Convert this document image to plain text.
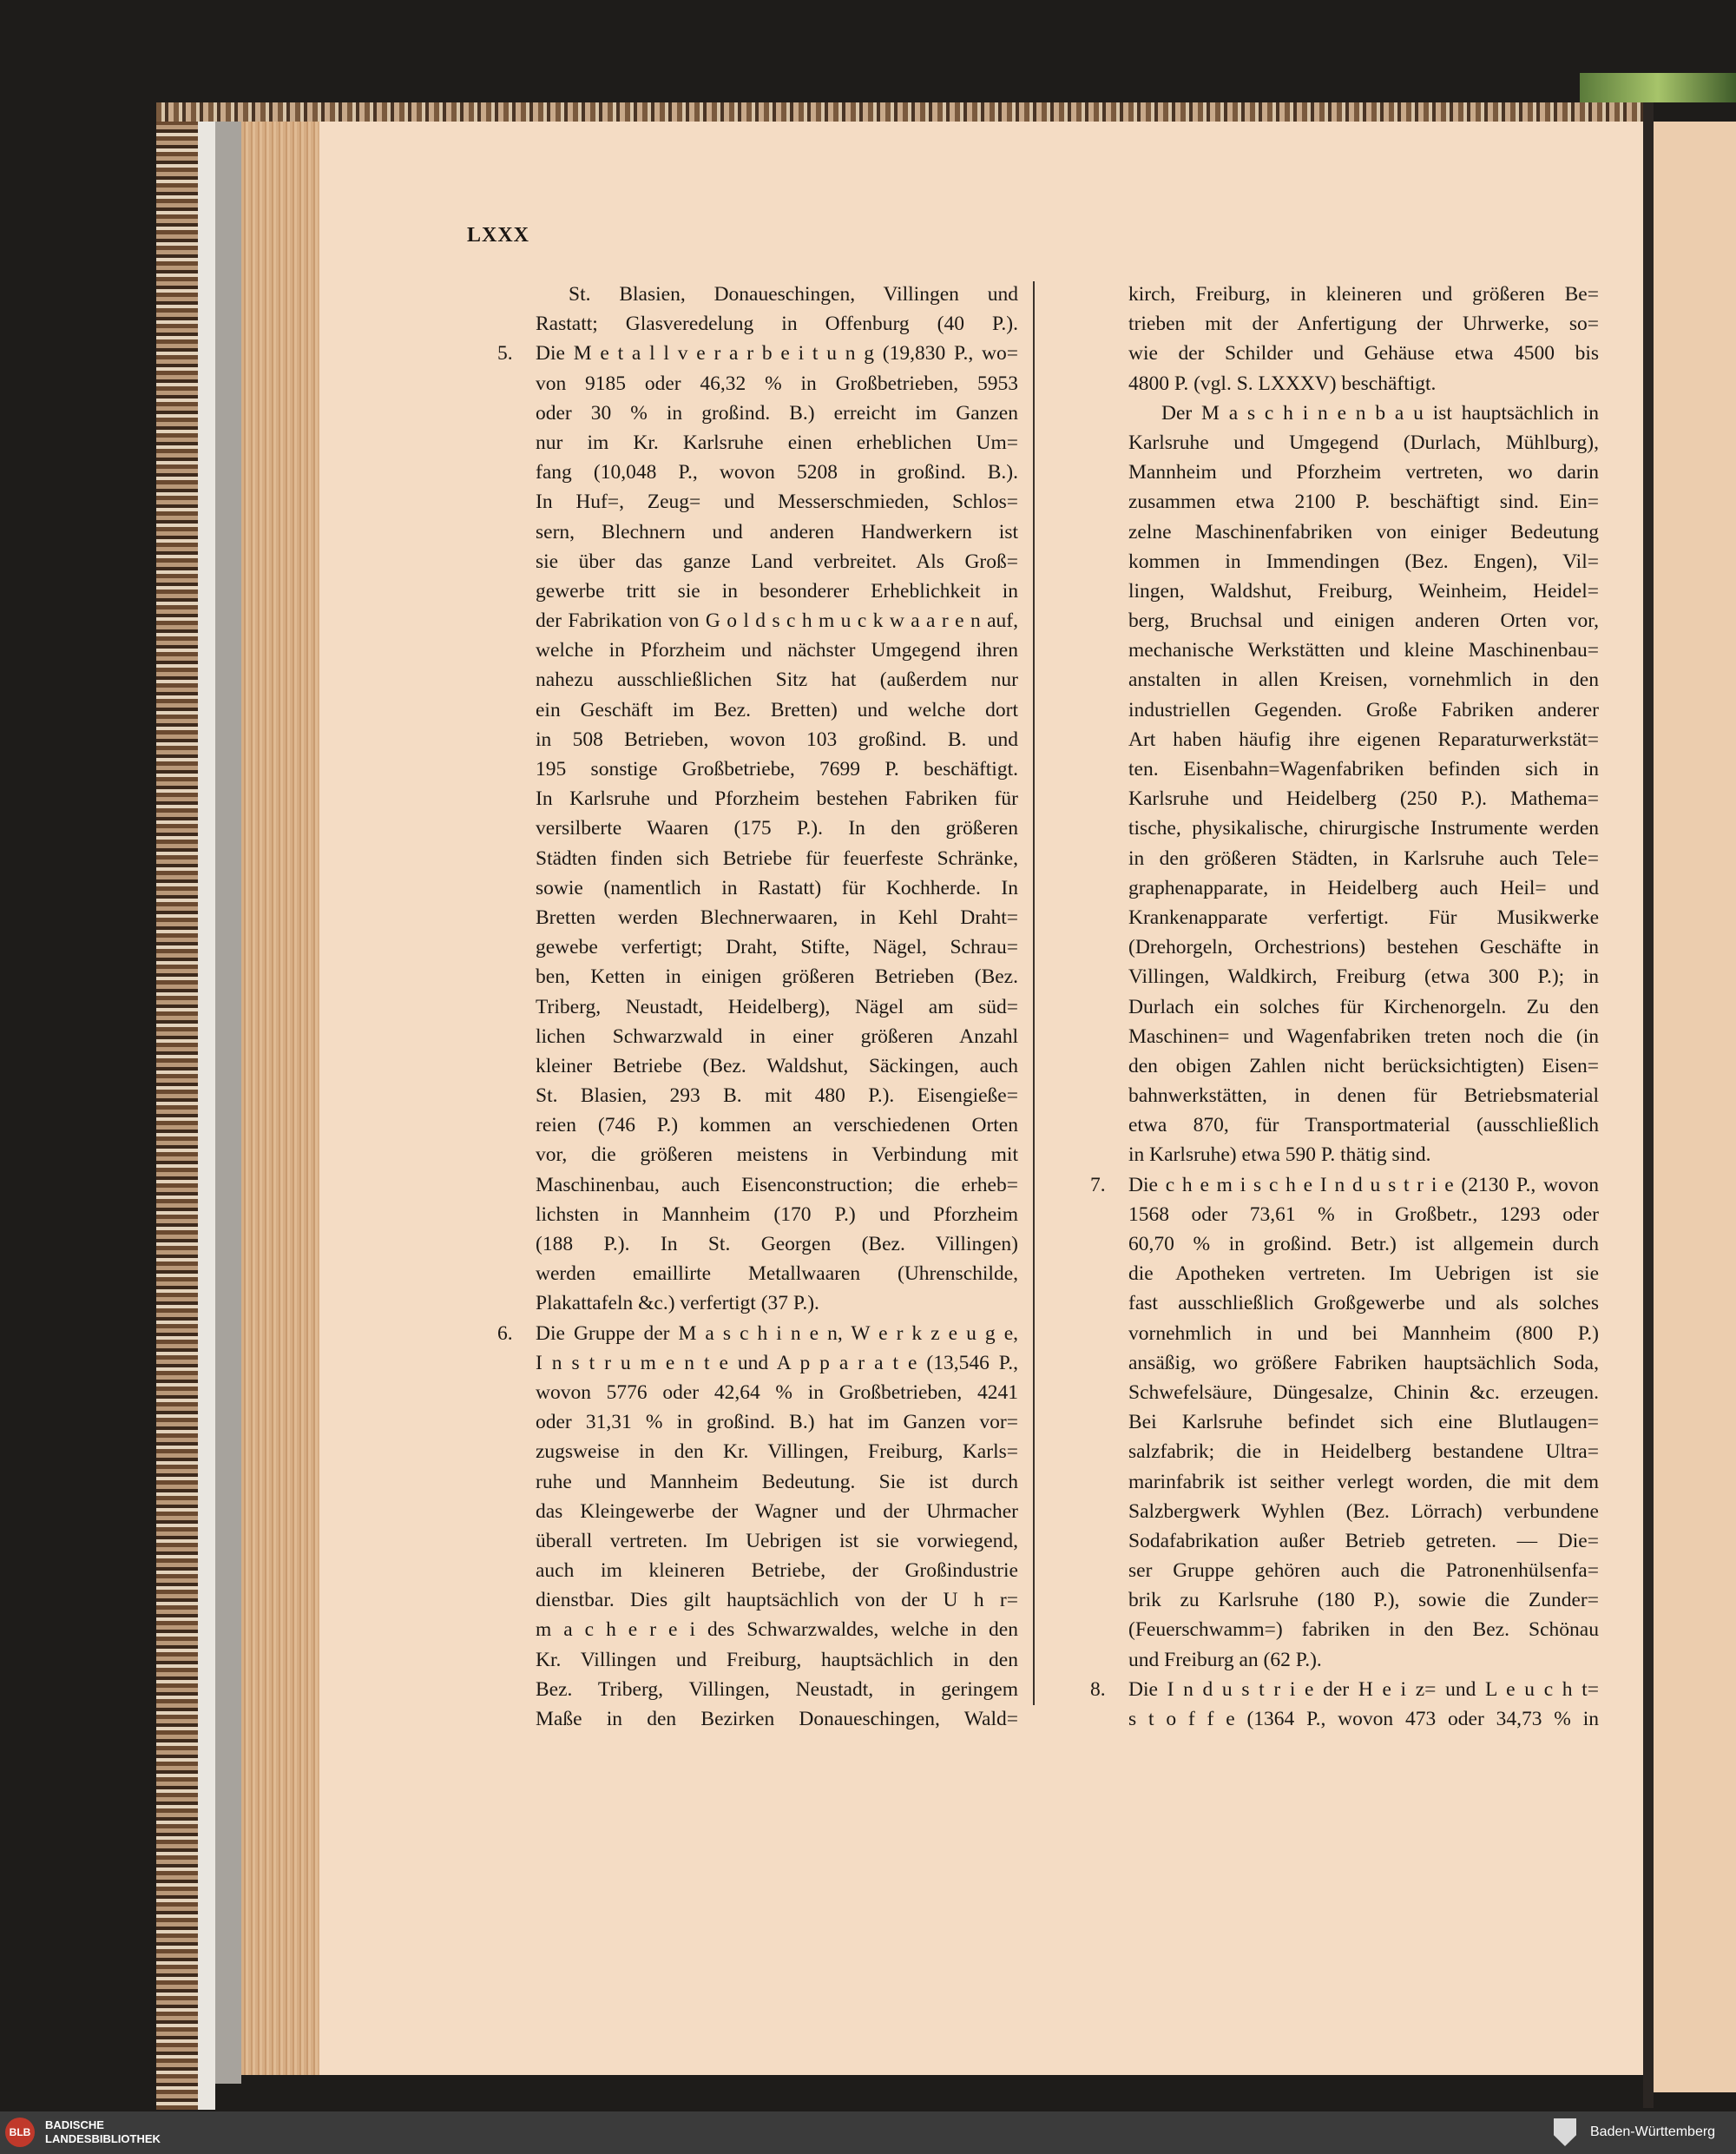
LXXX
St. Blasien, Donaueschingen, Villingen und
Rastatt; Glasveredelung in Offenburg (40 P.).
5. Die M e t a l l v e r a r b e i t u n g (19,830 P., wo=
von 9185 oder 46,32 % in Großbetrieben, 5953
oder 30 % in großind. B.) erreicht im Ganzen
nur im Kr. Karlsruhe einen erheblichen Um=
fang (10,048 P., wovon 5208 in großind. B.).
In Huf=, Zeug= und Messerschmieden, Schlos=
sern, Blechnern und anderen Handwerkern ist
sie über das ganze Land verbreitet. Als Groß=
gewerbe tritt sie in besonderer Erheblichkeit in
der Fabrikation von G o l d s c h m u c k w a a r e n auf,
welche in Pforzheim und nächster Umgegend ihren
nahezu ausschließlichen Sitz hat (außerdem nur
ein Geschäft im Bez. Bretten) und welche dort
in 508 Betrieben, wovon 103 großind. B. und
195 sonstige Großbetriebe, 7699 P. beschäftigt.
In Karlsruhe und Pforzheim bestehen Fabriken für
versilberte Waaren (175 P.). In den größeren
Städten finden sich Betriebe für feuerfeste Schränke,
sowie (namentlich in Rastatt) für Kochherde. In
Bretten werden Blechnerwaaren, in Kehl Draht=
gewebe verfertigt; Draht, Stifte, Nägel, Schrau=
ben, Ketten in einigen größeren Betrieben (Bez.
Triberg, Neustadt, Heidelberg), Nägel am süd=
lichen Schwarzwald in einer größeren Anzahl
kleiner Betriebe (Bez. Waldshut, Säckingen, auch
St. Blasien, 293 B. mit 480 P.). Eisengieße=
reien (746 P.) kommen an verschiedenen Orten
vor, die größeren meistens in Verbindung mit
Maschinenbau, auch Eisenconstruction; die erheb=
lichsten in Mannheim (170 P.) und Pforzheim
(188 P.). In St. Georgen (Bez. Villingen)
werden emaillirte Metallwaaren (Uhrenschilde,
Plakattafeln &c.) verfertigt (37 P.).
6. Die Gruppe der M a s c h i n e n, W e r k z e u g e,
I n s t r u m e n t e und A p p a r a t e (13,546 P.,
wovon 5776 oder 42,64 % in Großbetrieben, 4241
oder 31,31 % in großind. B.) hat im Ganzen vor=
zugsweise in den Kr. Villingen, Freiburg, Karls=
ruhe und Mannheim Bedeutung. Sie ist durch
das Kleingewerbe der Wagner und der Uhrmacher
überall vertreten. Im Uebrigen ist sie vorwiegend,
auch im kleineren Betriebe, der Großindustrie
dienstbar. Dies gilt hauptsächlich von der U h r=
m a c h e r e i des Schwarzwaldes, welche in den
Kr. Villingen und Freiburg, hauptsächlich in den
Bez. Triberg, Villingen, Neustadt, in geringem
Maße in den Bezirken Donaueschingen, Wald=
kirch, Freiburg, in kleineren und größeren Be=
trieben mit der Anfertigung der Uhrwerke, so=
wie der Schilder und Gehäuse etwa 4500 bis
4800 P. (vgl. S. LXXXV) beschäftigt.
Der M a s c h i n e n b a u ist hauptsächlich in
Karlsruhe und Umgegend (Durlach, Mühlburg),
Mannheim und Pforzheim vertreten, wo darin
zusammen etwa 2100 P. beschäftigt sind. Ein=
zelne Maschinenfabriken von einiger Bedeutung
kommen in Immendingen (Bez. Engen), Vil=
lingen, Waldshut, Freiburg, Weinheim, Heidel=
berg, Bruchsal und einigen anderen Orten vor,
mechanische Werkstätten und kleine Maschinenbau=
anstalten in allen Kreisen, vornehmlich in den
industriellen Gegenden. Große Fabriken anderer
Art haben häufig ihre eigenen Reparaturwerkstät=
ten. Eisenbahn=Wagenfabriken befinden sich in
Karlsruhe und Heidelberg (250 P.). Mathema=
tische, physikalische, chirurgische Instrumente werden
in den größeren Städten, in Karlsruhe auch Tele=
graphenapparate, in Heidelberg auch Heil= und
Krankenapparate verfertigt. Für Musikwerke
(Drehorgeln, Orchestrions) bestehen Geschäfte in
Villingen, Waldkirch, Freiburg (etwa 300 P.); in
Durlach ein solches für Kirchenorgeln. Zu den
Maschinen= und Wagenfabriken treten noch die (in
den obigen Zahlen nicht berücksichtigten) Eisen=
bahnwerkstätten, in denen für Betriebsmaterial
etwa 870, für Transportmaterial (ausschließlich
in Karlsruhe) etwa 590 P. thätig sind.
7. Die c h e m i s c h e I n d u s t r i e (2130 P., wovon
1568 oder 73,61 % in Großbetr., 1293 oder
60,70 % in großind. Betr.) ist allgemein durch
die Apotheken vertreten. Im Uebrigen ist sie
fast ausschließlich Großgewerbe und als solches
vornehmlich in und bei Mannheim (800 P.)
ansäßig, wo größere Fabriken hauptsächlich Soda,
Schwefelsäure, Düngesalze, Chinin &c. erzeugen.
Bei Karlsruhe befindet sich eine Blutlaugen=
salzfabrik; die in Heidelberg bestandene Ultra=
marinfabrik ist seither verlegt worden, die mit dem
Salzbergwerk Wyhlen (Bez. Lörrach) verbundene
Sodafabrikation außer Betrieb getreten. — Die=
ser Gruppe gehören auch die Patronenhülsenfa=
brik zu Karlsruhe (180 P.), sowie die Zunder=
(Feuerschwamm=) fabriken in den Bez. Schönau
und Freiburg an (62 P.).
8. Die I n d u s t r i e der H e i z= und L e u c h t=
s t o f f e (1364 P., wovon 473 oder 34,73 % in
BLB
BADISCHE
LANDESBIBLIOTHEK	Baden-Württemberg
